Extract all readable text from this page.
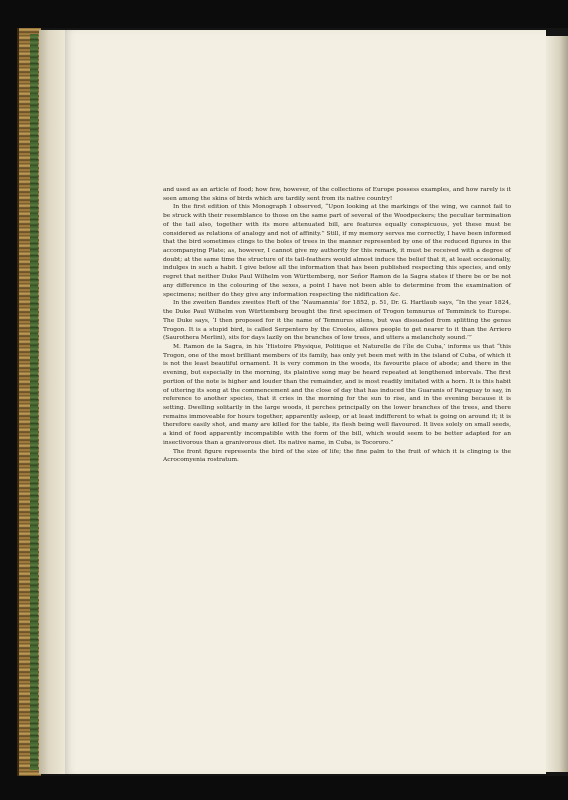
and used as an article of food; how few, however, of the collections of Europe possess examples, and how rarely is it seen among the skins of birds which are tardily sent from its native country!

In the first edition of this Monograph I observed, “Upon looking at the markings of the wing, we cannot fail to be struck with their resemblance to those on the same part of several of the Woodpeckers; the peculiar termination of the tail also, together with its more attenuated bill, are features equally conspicuous, yet these must be considered as relations of analogy and not of affinity.” Still, if my memory serves me correctly, I have been informed that the bird sometimes clings to the boles of trees in the manner represented by one of the reduced figures in the accompanying Plate; as, however, I cannot give my authority for this remark, it must be received with a degree of doubt; at the same time the structure of its tail-feathers would almost induce the belief that it, at least occasionally, indulges in such a habit. I give below all the information that has been published respecting this species, and only regret that neither Duke Paul Wilhelm von Württemberg, nor Señor Ramon de la Sagra states if there be or be not any difference in the colouring of the sexes, a point I have not been able to determine from the examination of specimens; neither do they give any information respecting the nidification &c.

In the zweiten Bandes zweites Heft of the ‘Naumannia’ for 1852, p. 51, Dr. G. Hartlaub says, “In the year 1824, the Duke Paul Wilhelm von Württemberg brought the first specimen of Trogon temnurus of Temminck to Europe. The Duke says, ‘I then proposed for it the name of Temnurus silens, but was dissuaded from splitting the genus Trogon. It is a stupid bird, is called Serpentero by the Creoles, allows people to get nearer to it than the Arriero (Saurothera Merlini), sits for days lazily on the branches of low trees, and utters a melancholy sound.’”

M. Ramon de la Sagra, in his ‘Histoire Physique, Politique et Naturelle de l’île de Cuba,’ informs us that “this Trogon, one of the most brilliant members of its family, has only yet been met with in the island of Cuba, of which it is not the least beautiful ornament. It is very common in the woods, its favourite place of abode; and there in the evening, but especially in the morning, its plaintive song may be heard repeated at lengthened intervals. The first portion of the note is higher and louder than the remainder, and is most readily imitated with a horn. It is this habit of uttering its song at the commencement and the close of day that has induced the Guaranis of Paraguay to say, in reference to another species, that it cries in the morning for the sun to rise, and in the evening because it is setting. Dwelling solitarily in the large woods, it perches principally on the lower branches of the trees, and there remains immoveable for hours together, apparently asleep, or at least indifferent to what is going on around it; it is therefore easily shot, and many are killed for the table, its flesh being well flavoured. It lives solely on small seeds, a kind of food apparently incompatible with the form of the bill, which would seem to be better adapted for an insectivorous than a granivorous diet. Its native name, in Cuba, is Tocororo.”

The front figure represents the bird of the size of life; the fine palm to the fruit of which it is clinging is the Acrocomyenia rostratum.
